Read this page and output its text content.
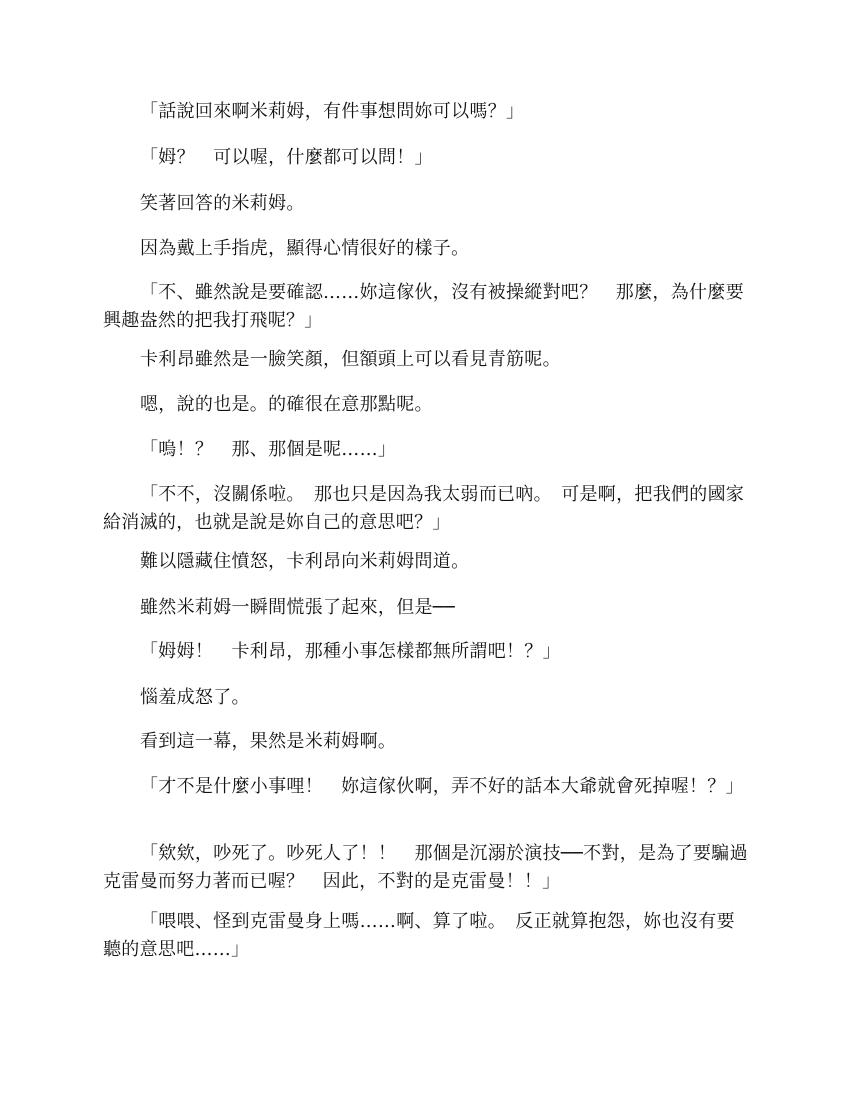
「話說回來啊米莉姆，有件事想問妳可以嗎？」

「姆？　可以喔，什麼都可以問！」

笑著回答的米莉姆。

因為戴上手指虎，顯得心情很好的樣子。

「不、雖然說是要確認……妳這傢伙，沒有被操縱對吧？　那麼，為什麼要興趣盎然的把我打飛呢？」

卡利昂雖然是一臉笑顏，但額頭上可以看見青筋呢。

嗯，說的也是。的確很在意那點呢。

「嗚！？　那、那個是呢……」

「不不，沒關係啦。　那也只是因為我太弱而已吶。　可是啊，把我們的國家給消滅的，也就是說是妳自己的意思吧？」

難以隱藏住憤怒，卡利昂向米莉姆問道。

雖然米莉姆一瞬間慌張了起來，但是──

「姆姆！　卡利昂，那種小事怎樣都無所謂吧！？」

惱羞成怒了。

看到這一幕，果然是米莉姆啊。

「才不是什麼小事哩！　妳這傢伙啊，弄不好的話本大爺就會死掉喔！？」

「欸欸，吵死了。吵死人了！！　那個是沉溺於演技──不對，是為了要騙過克雷曼而努力著而已喔？　因此，不對的是克雷曼！！」

「喂喂、怪到克雷曼身上嗎……啊、算了啦。　反正就算抱怨，妳也沒有要聽的意思吧……」
